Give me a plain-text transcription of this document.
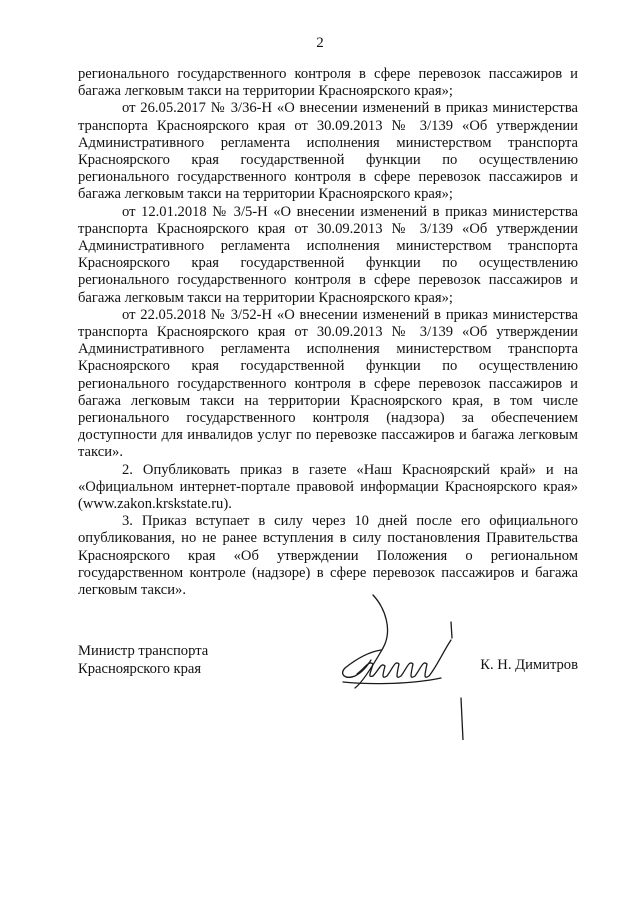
2

регионального государственного контроля в сфере перевозок пассажиров и багажа легковым такси на территории Красноярского края»;

от 26.05.2017 № 3/36-Н «О внесении изменений в приказ министерства транспорта Красноярского края от 30.09.2013 № 3/139 «Об утверждении Административного регламента исполнения министерством транспорта Красноярского края государственной функции по осуществлению регионального государственного контроля в сфере перевозок пассажиров и багажа легковым такси на территории Красноярского края»;

от 12.01.2018 № 3/5-Н «О внесении изменений в приказ министерства транспорта Красноярского края от 30.09.2013 № 3/139 «Об утверждении Административного регламента исполнения министерством транспорта Красноярского края государственной функции по осуществлению регионального государственного контроля в сфере перевозок пассажиров и багажа легковым такси на территории Красноярского края»;

от 22.05.2018 № 3/52-Н «О внесении изменений в приказ министерства транспорта Красноярского края от 30.09.2013 № 3/139 «Об утверждении Административного регламента исполнения министерством транспорта Красноярского края государственной функции по осуществлению регионального государственного контроля в сфере перевозок пассажиров и багажа легковым такси на территории Красноярского края, в том числе регионального государственного контроля (надзора) за обеспечением доступности для инвалидов услуг по перевозке пассажиров и багажа легковым такси».

2. Опубликовать приказ в газете «Наш Красноярский край» и на «Официальном интернет-портале правовой информации Красноярского края» (www.zakon.krskstate.ru).

3. Приказ вступает в силу через 10 дней после его официального опубликования, но не ранее вступления в силу постановления Правительства Красноярского края «Об утверждении Положения о региональном государственном контроле (надзоре) в сфере перевозок пассажиров и багажа легковым такси».

Министр транспорта
Красноярского края	К. Н. Димитров
